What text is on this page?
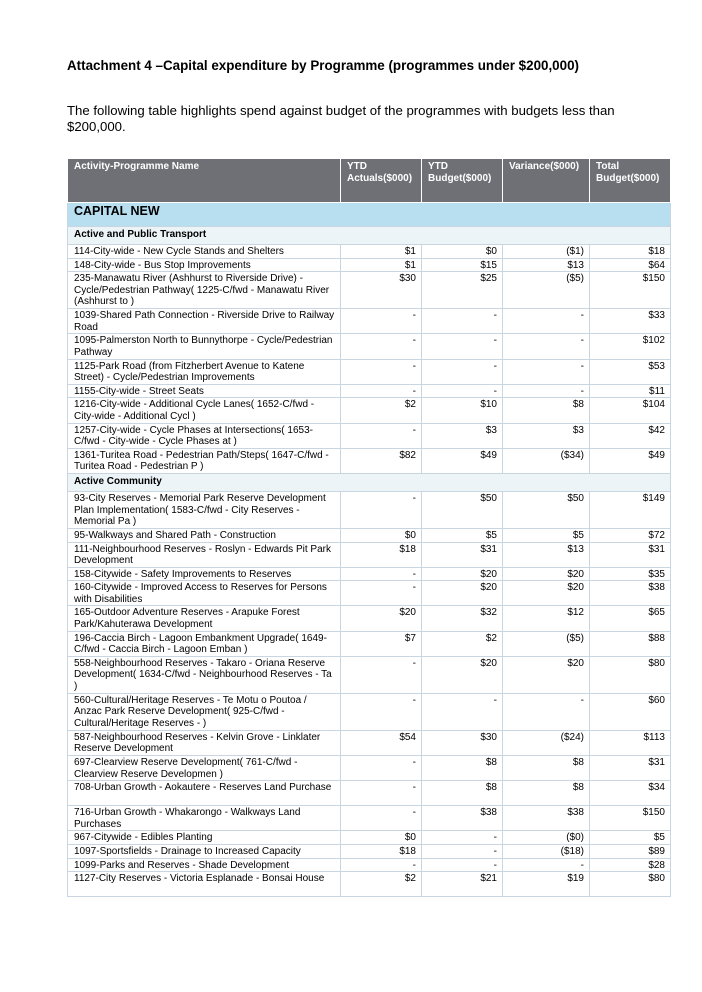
Attachment 4 –Capital expenditure by Programme (programmes under $200,000)
The following table highlights spend against budget of the programmes with budgets less than $200,000.
Activity-Programme Name	YTD Actuals($000)	YTD Budget($000)	Variance($000)	Total Budget($000)
CAPITAL NEW				
Active and Public Transport				
114-City-wide - New Cycle Stands and Shelters	$1	$0	($1)	$18
148-City-wide - Bus Stop Improvements	$1	$15	$13	$64
235-Manawatu River (Ashhurst to Riverside Drive) - Cycle/Pedestrian Pathway( 1225-C/fwd - Manawatu River (Ashhurst to )	$30	$25	($5)	$150
1039-Shared Path Connection - Riverside Drive to Railway Road	-	-	-	$33
1095-Palmerston North to Bunnythorpe - Cycle/Pedestrian Pathway	-	-	-	$102
1125-Park Road (from Fitzherbert Avenue to Katene Street) - Cycle/Pedestrian Improvements	-	-	-	$53
1155-City-wide - Street Seats	-	-	-	$11
1216-City-wide - Additional Cycle Lanes( 1652-C/fwd - City-wide - Additional Cycl )	$2	$10	$8	$104
1257-City-wide - Cycle Phases at Intersections( 1653-C/fwd - City-wide - Cycle Phases at )	-	$3	$3	$42
1361-Turitea Road - Pedestrian Path/Steps( 1647-C/fwd - Turitea Road - Pedestrian P )	$82	$49	($34)	$49
Active Community				
93-City Reserves - Memorial Park Reserve Development Plan Implementation( 1583-C/fwd - City Reserves - Memorial Pa )	-	$50	$50	$149
95-Walkways and Shared Path - Construction	$0	$5	$5	$72
111-Neighbourhood Reserves - Roslyn - Edwards Pit Park Development	$18	$31	$13	$31
158-Citywide - Safety Improvements to Reserves	-	$20	$20	$35
160-Citywide - Improved Access to Reserves for Persons with Disabilities	-	$20	$20	$38
165-Outdoor Adventure Reserves - Arapuke Forest Park/Kahuterawa Development	$20	$32	$12	$65
196-Caccia Birch - Lagoon Embankment Upgrade( 1649-C/fwd - Caccia Birch - Lagoon Emban )	$7	$2	($5)	$88
558-Neighbourhood Reserves - Takaro - Oriana Reserve Development( 1634-C/fwd - Neighbourhood Reserves - Ta )	-	$20	$20	$80
560-Cultural/Heritage Reserves - Te Motu o Poutoa / Anzac Park Reserve Development( 925-C/fwd - Cultural/Heritage Reserves - )	-	-	-	$60
587-Neighbourhood Reserves - Kelvin Grove - Linklater Reserve Development	$54	$30	($24)	$113
697-Clearview Reserve Development( 761-C/fwd - Clearview Reserve Developmen )	-	$8	$8	$31
708-Urban Growth - Aokautere - Reserves Land Purchase	-	$8	$8	$34
716-Urban Growth - Whakarongo - Walkways Land Purchases	-	$38	$38	$150
967-Citywide - Edibles Planting	$0	-	($0)	$5
1097-Sportsfields - Drainage to Increased Capacity	$18	-	($18)	$89
1099-Parks and Reserves - Shade Development	-	-	-	$28
1127-City Reserves - Victoria Esplanade - Bonsai House	$2	$21	$19	$80
